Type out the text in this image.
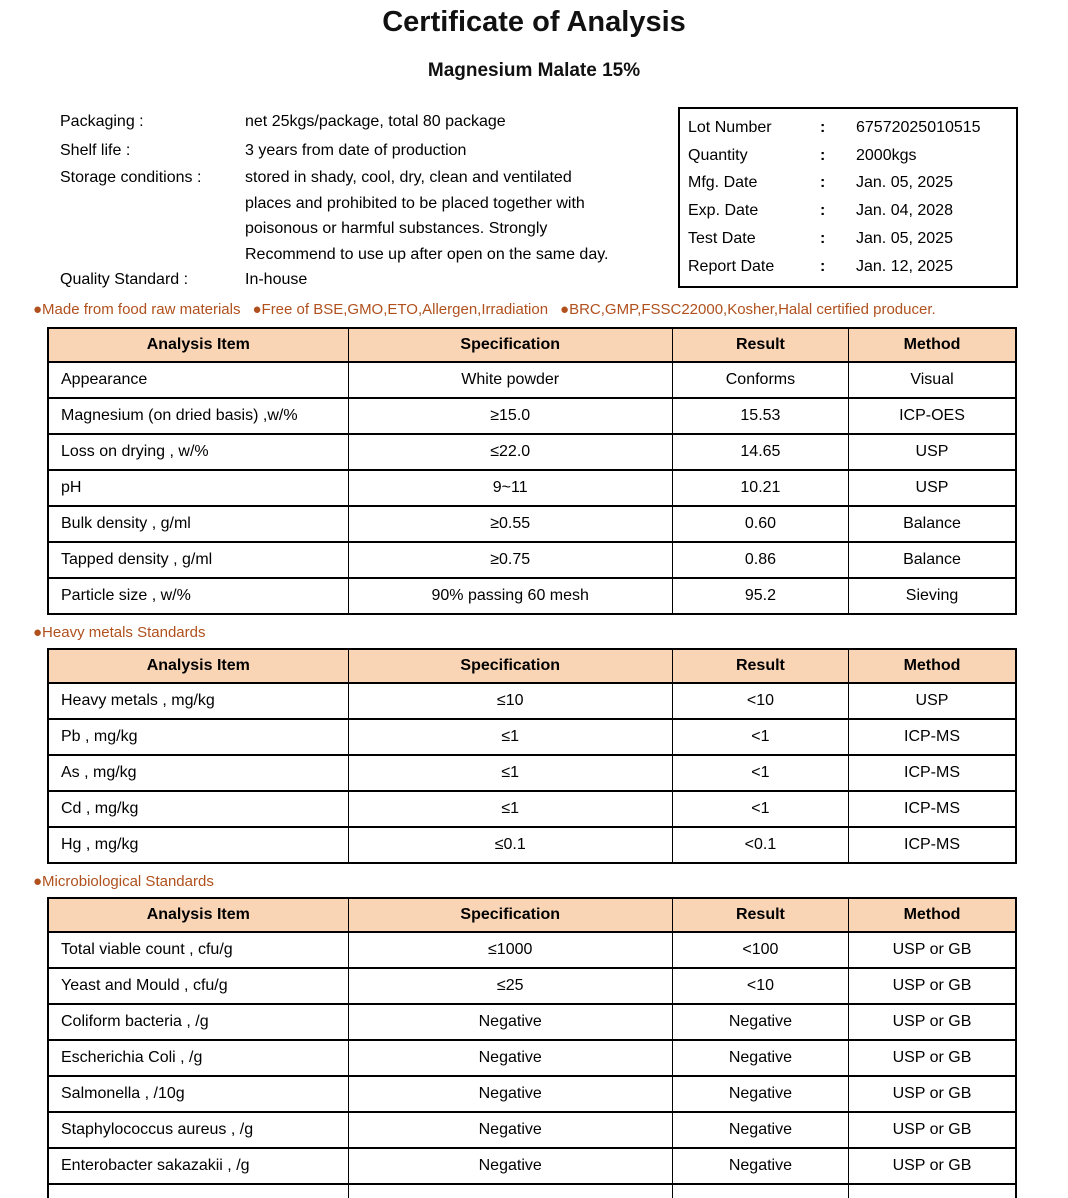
Certificate of Analysis
Magnesium Malate 15%
Packaging :	net 25kgs/package, total 80 package
Shelf life :	3 years from date of production
Storage conditions :	stored in shady, cool, dry, clean and ventilated
places and prohibited to be placed together with
poisonous or harmful substances. Strongly
Recommend to use up after open on the same day.
Quality Standard :	In-house
Lot Number	:	67572025010515
Quantity	:	2000kgs
Mfg. Date	:	Jan. 05, 2025
Exp. Date	:	Jan. 04, 2028
Test Date	:	Jan. 05, 2025
Report Date	:	Jan. 12, 2025
●Made from food raw materials ●Free of BSE,GMO,ETO,Allergen,Irradiation ●BRC,GMP,FSSC22000,Kosher,Halal certified producer.
Analysis Item	Specification	Result	Method
Appearance	White powder	Conforms	Visual
Magnesium (on dried basis) ,w/%	≥15.0	15.53	ICP-OES
Loss on drying , w/%	≤22.0	14.65	USP
pH	9~11	10.21	USP
Bulk density , g/ml	≥0.55	0.60	Balance
Tapped density , g/ml	≥0.75	0.86	Balance
Particle size , w/%	90% passing 60 mesh	95.2	Sieving
●Heavy metals Standards
Analysis Item	Specification	Result	Method
Heavy metals , mg/kg	≤10	<10	USP
Pb , mg/kg	≤1	<1	ICP-MS
As , mg/kg	≤1	<1	ICP-MS
Cd , mg/kg	≤1	<1	ICP-MS
Hg , mg/kg	≤0.1	<0.1	ICP-MS
●Microbiological Standards
Analysis Item	Specification	Result	Method
Total viable count , cfu/g	≤1000	<100	USP or GB
Yeast and Mould , cfu/g	≤25	<10	USP or GB
Coliform bacteria , /g	Negative	Negative	USP or GB
Escherichia Coli , /g	Negative	Negative	USP or GB
Salmonella , /10g	Negative	Negative	USP or GB
Staphylococcus aureus , /g	Negative	Negative	USP or GB
Enterobacter sakazakii , /g	Negative	Negative	USP or GB
